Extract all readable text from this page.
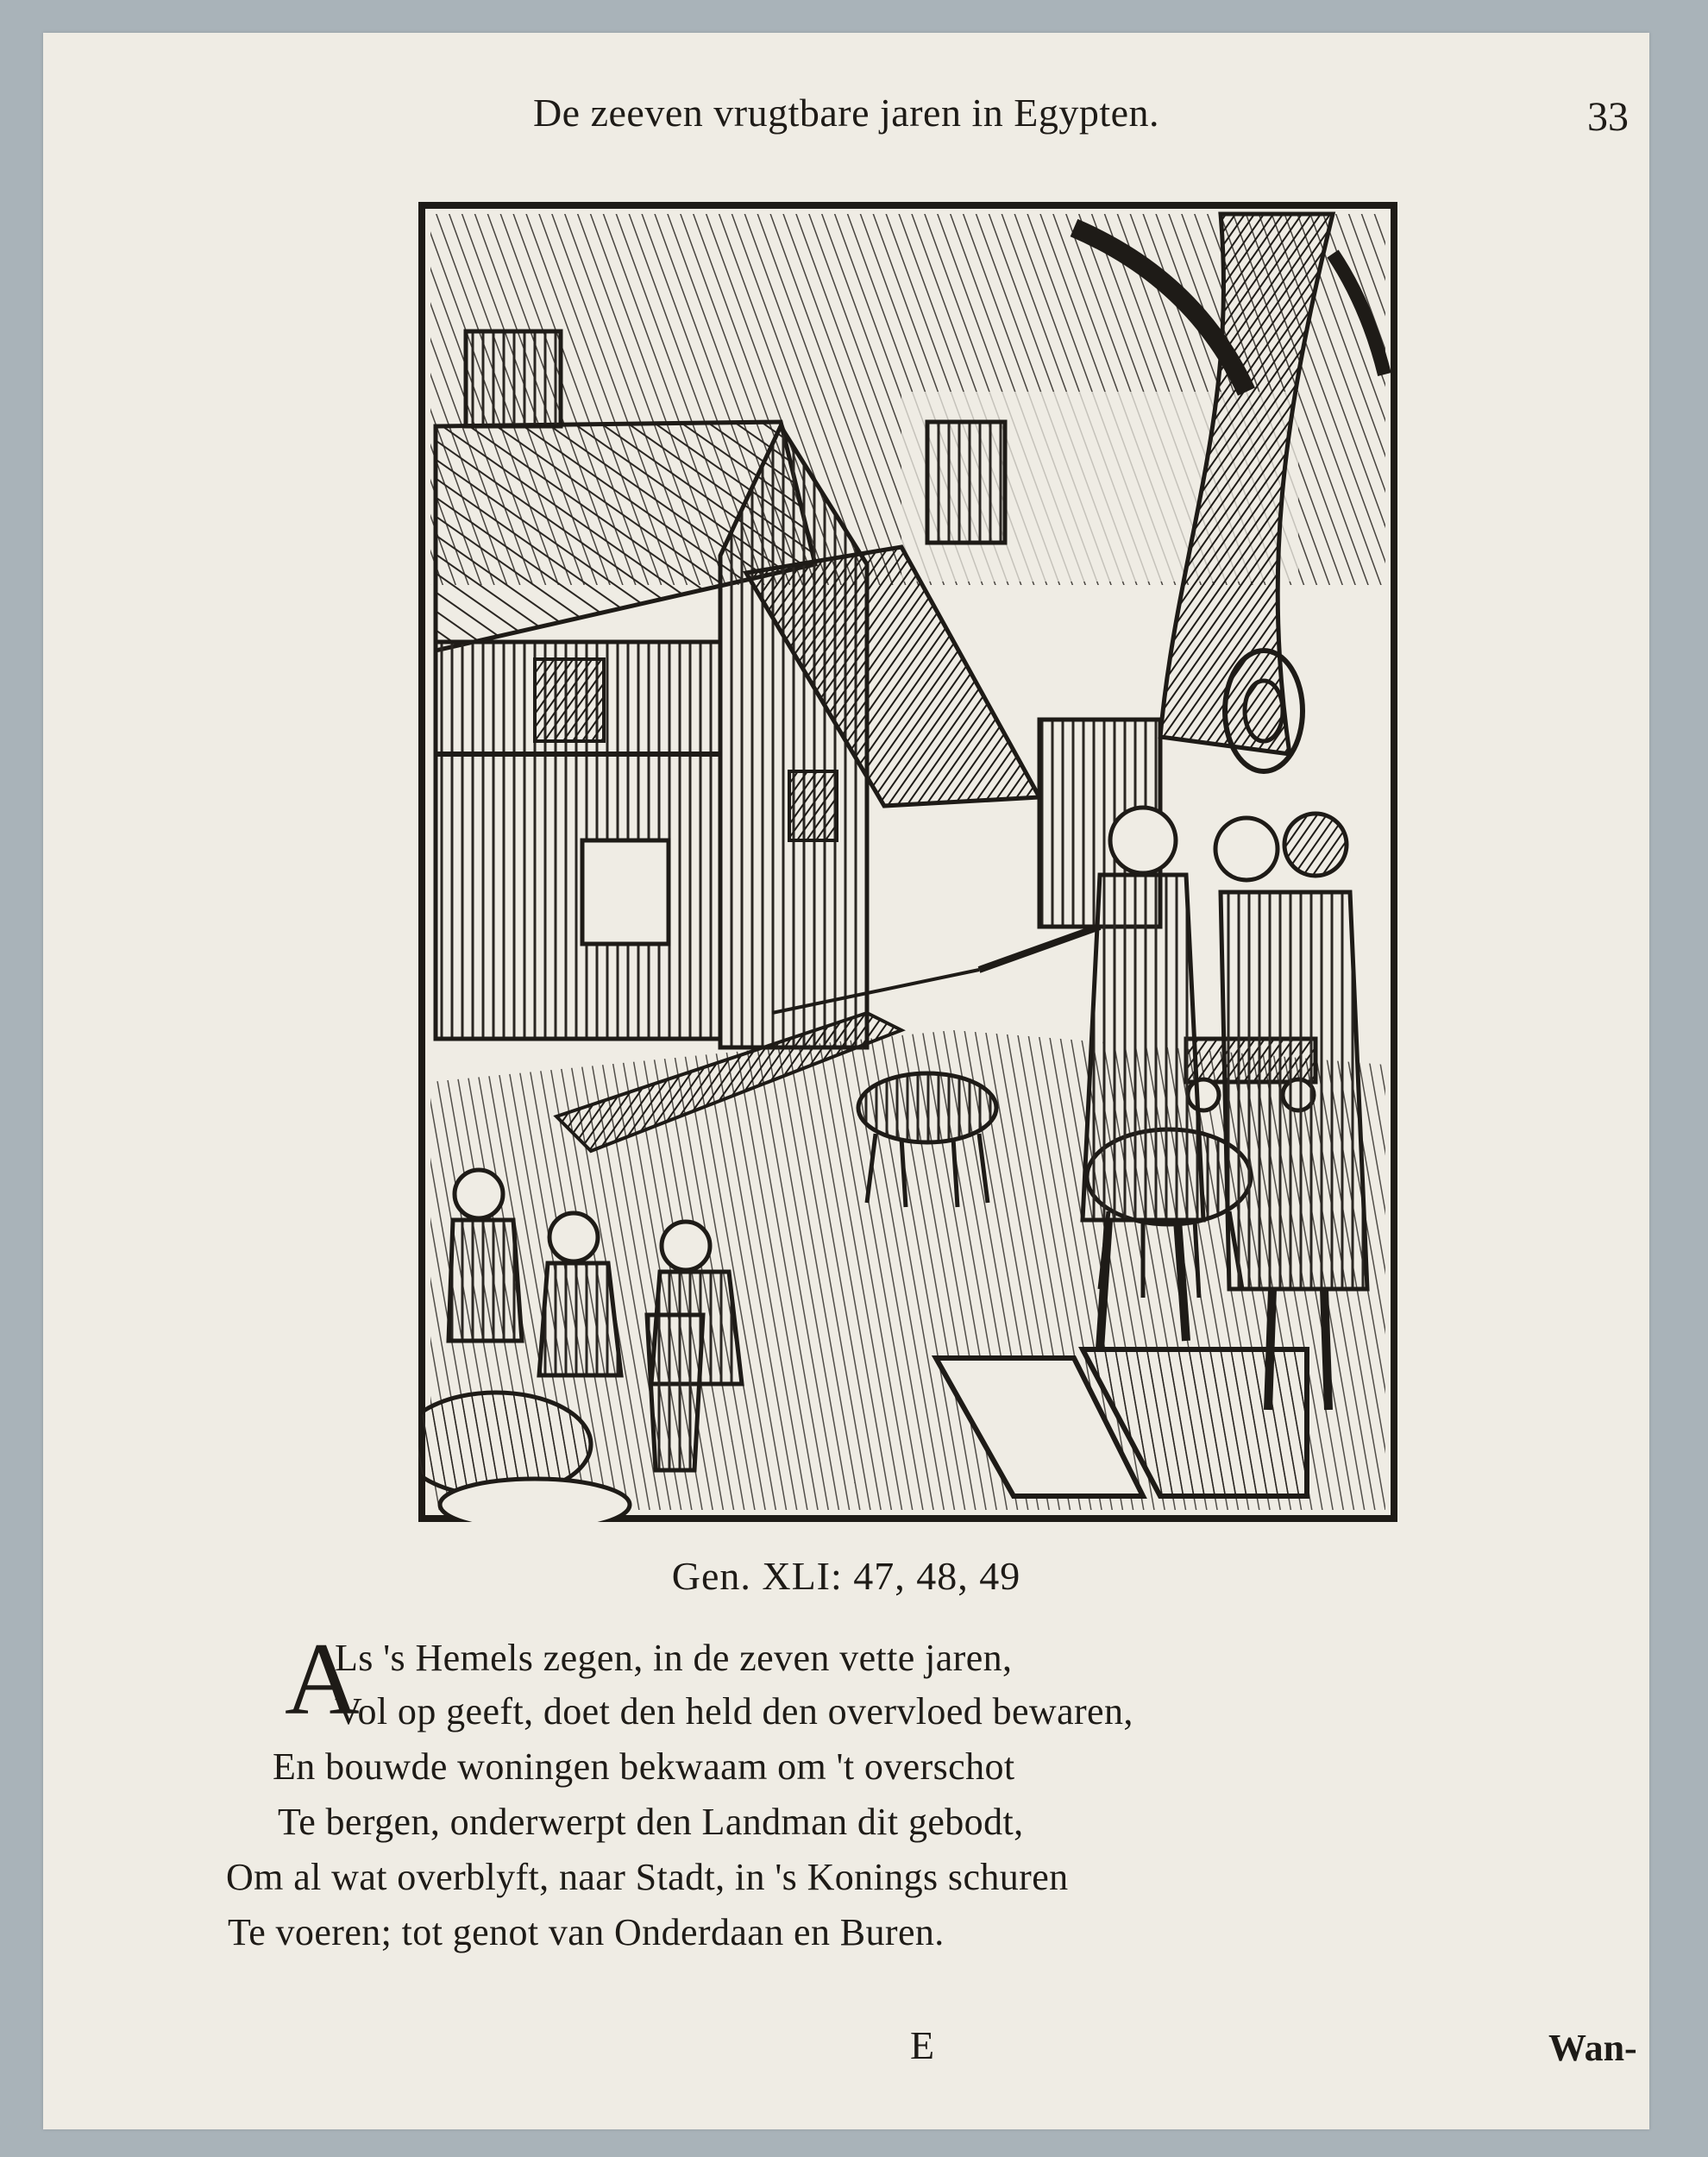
De zeeven vrugtbare jaren in Egypten.	33
Gen. XLI: 47, 48, 49
A
Ls 's Hemels zegen, in de zeven vette jaren,
Vol op geeft, doet den held den overvloed bewaren,
En bouwde woningen bekwaam om 't overschot
Te bergen, onderwerpt den Landman dit gebodt,
Om al wat overblyft, naar Stadt, in 's Konings schuren
Te voeren; tot genot van Onderdaan en Buren.
E	Wan-
